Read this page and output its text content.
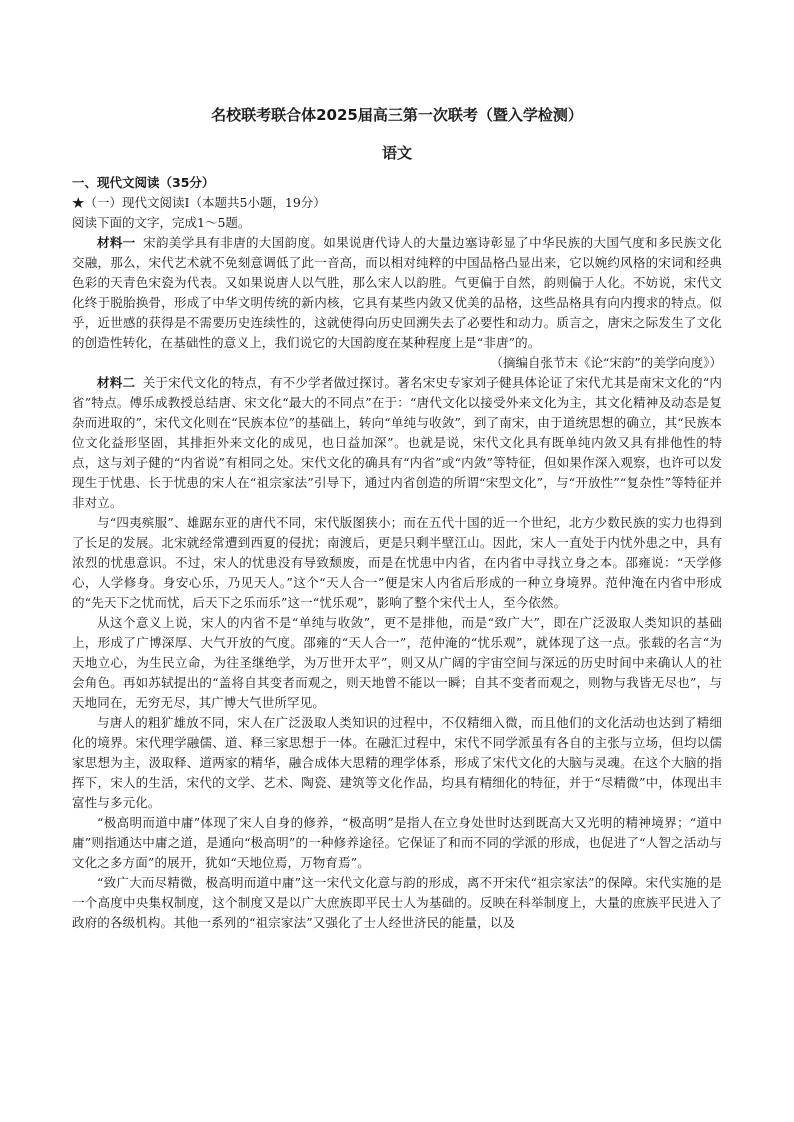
名校联考联合体2025届高三第一次联考（暨入学检测）
语文
一、现代文阅读（35分）
★（一）现代文阅读Ⅰ（本题共5小题，19分）
阅读下面的文字，完成1～5题。

材料一 宋韵美学具有非唐的大国韵度。如果说唐代诗人的大量边塞诗彰显了中华民族的大国气度和多民族文化交融，那么，宋代艺术就不免刻意调低了此一音高，而以相对纯粹的中国品格凸显出来，它以婉约风格的宋词和经典色彩的天青色宋瓷为代表。又如果说唐人以气胜，那么宋人以韵胜。气更偏于自然，韵则偏于人化。不妨说，宋代文化终于脱胎换骨，形成了中华文明传统的新内核，它具有某些内敛又优美的品格，这些品格具有向内搜求的特点。似乎，近世感的获得是不需要历史连续性的，这就使得向历史回溯失去了必要性和动力。质言之，唐宋之际发生了文化的创造性转化，在基础性的意义上，我们说它的大国韵度在某种程度上是“非唐”的。

（摘编自张节末《论“宋韵”的美学向度》）

材料二 关于宋代文化的特点，有不少学者做过探讨。著名宋史专家刘子健具体论证了宋代尤其是南宋文化的“内省”特点。傅乐成教授总结唐、宋文化“最大的不同点”在于：“唐代文化以接受外来文化为主，其文化精神及动态是复杂而进取的”，宋代文化则在“民族本位”的基础上，转向“单纯与收敛”，到了南宋，由于道统思想的确立，其“民族本位文化益形坚固，其排拒外来文化的成见，也日益加深”。也就是说，宋代文化具有既单纯内敛又具有排他性的特点，这与刘子健的“内省说”有相同之处。宋代文化的确具有“内省”或“内敛”等特征，但如果作深入观察，也许可以发现生于忧患、长于忧患的宋人在“祖宗家法”引导下，通过内省创造的所谓“宋型文化”，与“开放性”“复杂性”等特征并非对立。

与“四夷殡服”、雄踞东亚的唐代不同，宋代版图狭小；而在五代十国的近一个世纪，北方少数民族的实力也得到了长足的发展。北宋就经常遭到西夏的侵扰；南渡后，更是只剩半壁江山。因此，宋人一直处于内忧外患之中，具有浓烈的忧患意识。不过，宋人的忧患没有导致颓废，而是在忧患中内省，在内省中寻找立身之本。邵雍说：“天学修心，人学修身。身安心乐，乃见天人。”这个“天人合一”便是宋人内省后形成的一种立身境界。范仲淹在内省中形成的“先天下之忧而忧，后天下之乐而乐”这一“忧乐观”，影响了整个宋代士人，至今依然。

从这个意义上说，宋人的内省不是“单纯与收敛”，更不是排他，而是“致广大”，即在广泛汲取人类知识的基础上，形成了广博深厚、大气开放的气度。邵雍的“天人合一”，范仲淹的“忧乐观”，就体现了这一点。张载的名言“为天地立心，为生民立命，为往圣继绝学，为万世开太平”，则又从广阔的宇宙空间与深远的历史时间中来确认人的社会角色。再如苏轼提出的“盖将自其变者而观之，则天地曾不能以一瞬；自其不变者而观之，则物与我皆无尽也”，与天地同在，无穷无尽，其广博大气世所罕见。

与唐人的粗犷雄放不同，宋人在广泛汲取人类知识的过程中，不仅精细入微，而且他们的文化活动也达到了精细化的境界。宋代理学融儒、道、释三家思想于一体。在融汇过程中，宋代不同学派虽有各自的主张与立场，但均以儒家思想为主，汲取释、道两家的精华，融合成体大思精的理学体系，形成了宋代文化的大脑与灵魂。在这个大脑的指挥下，宋人的生活，宋代的文学、艺术、陶瓷、建筑等文化作品，均具有精细化的特征，并于“尽精微”中，体现出丰富性与多元化。

“极高明而道中庸”体现了宋人自身的修养，“极高明”是指人在立身处世时达到既高大又光明的精神境界；“道中庸”则指通达中庸之道，是通向“极高明”的一种修养途径。它保证了和而不同的学派的形成，也促进了“人智之活动与文化之多方面”的展开，犹如“天地位焉，万物育焉”。

“致广大而尽精微，极高明而道中庸”这一宋代文化意与韵的形成，离不开宋代“祖宗家法”的保障。宋代实施的是一个高度中央集权制度，这个制度又是以广大庶族即平民士人为基础的。反映在科举制度上，大量的庶族平民进入了政府的各级机构。其他一系列的“祖宗家法”又强化了士人经世济民的能量，以及
